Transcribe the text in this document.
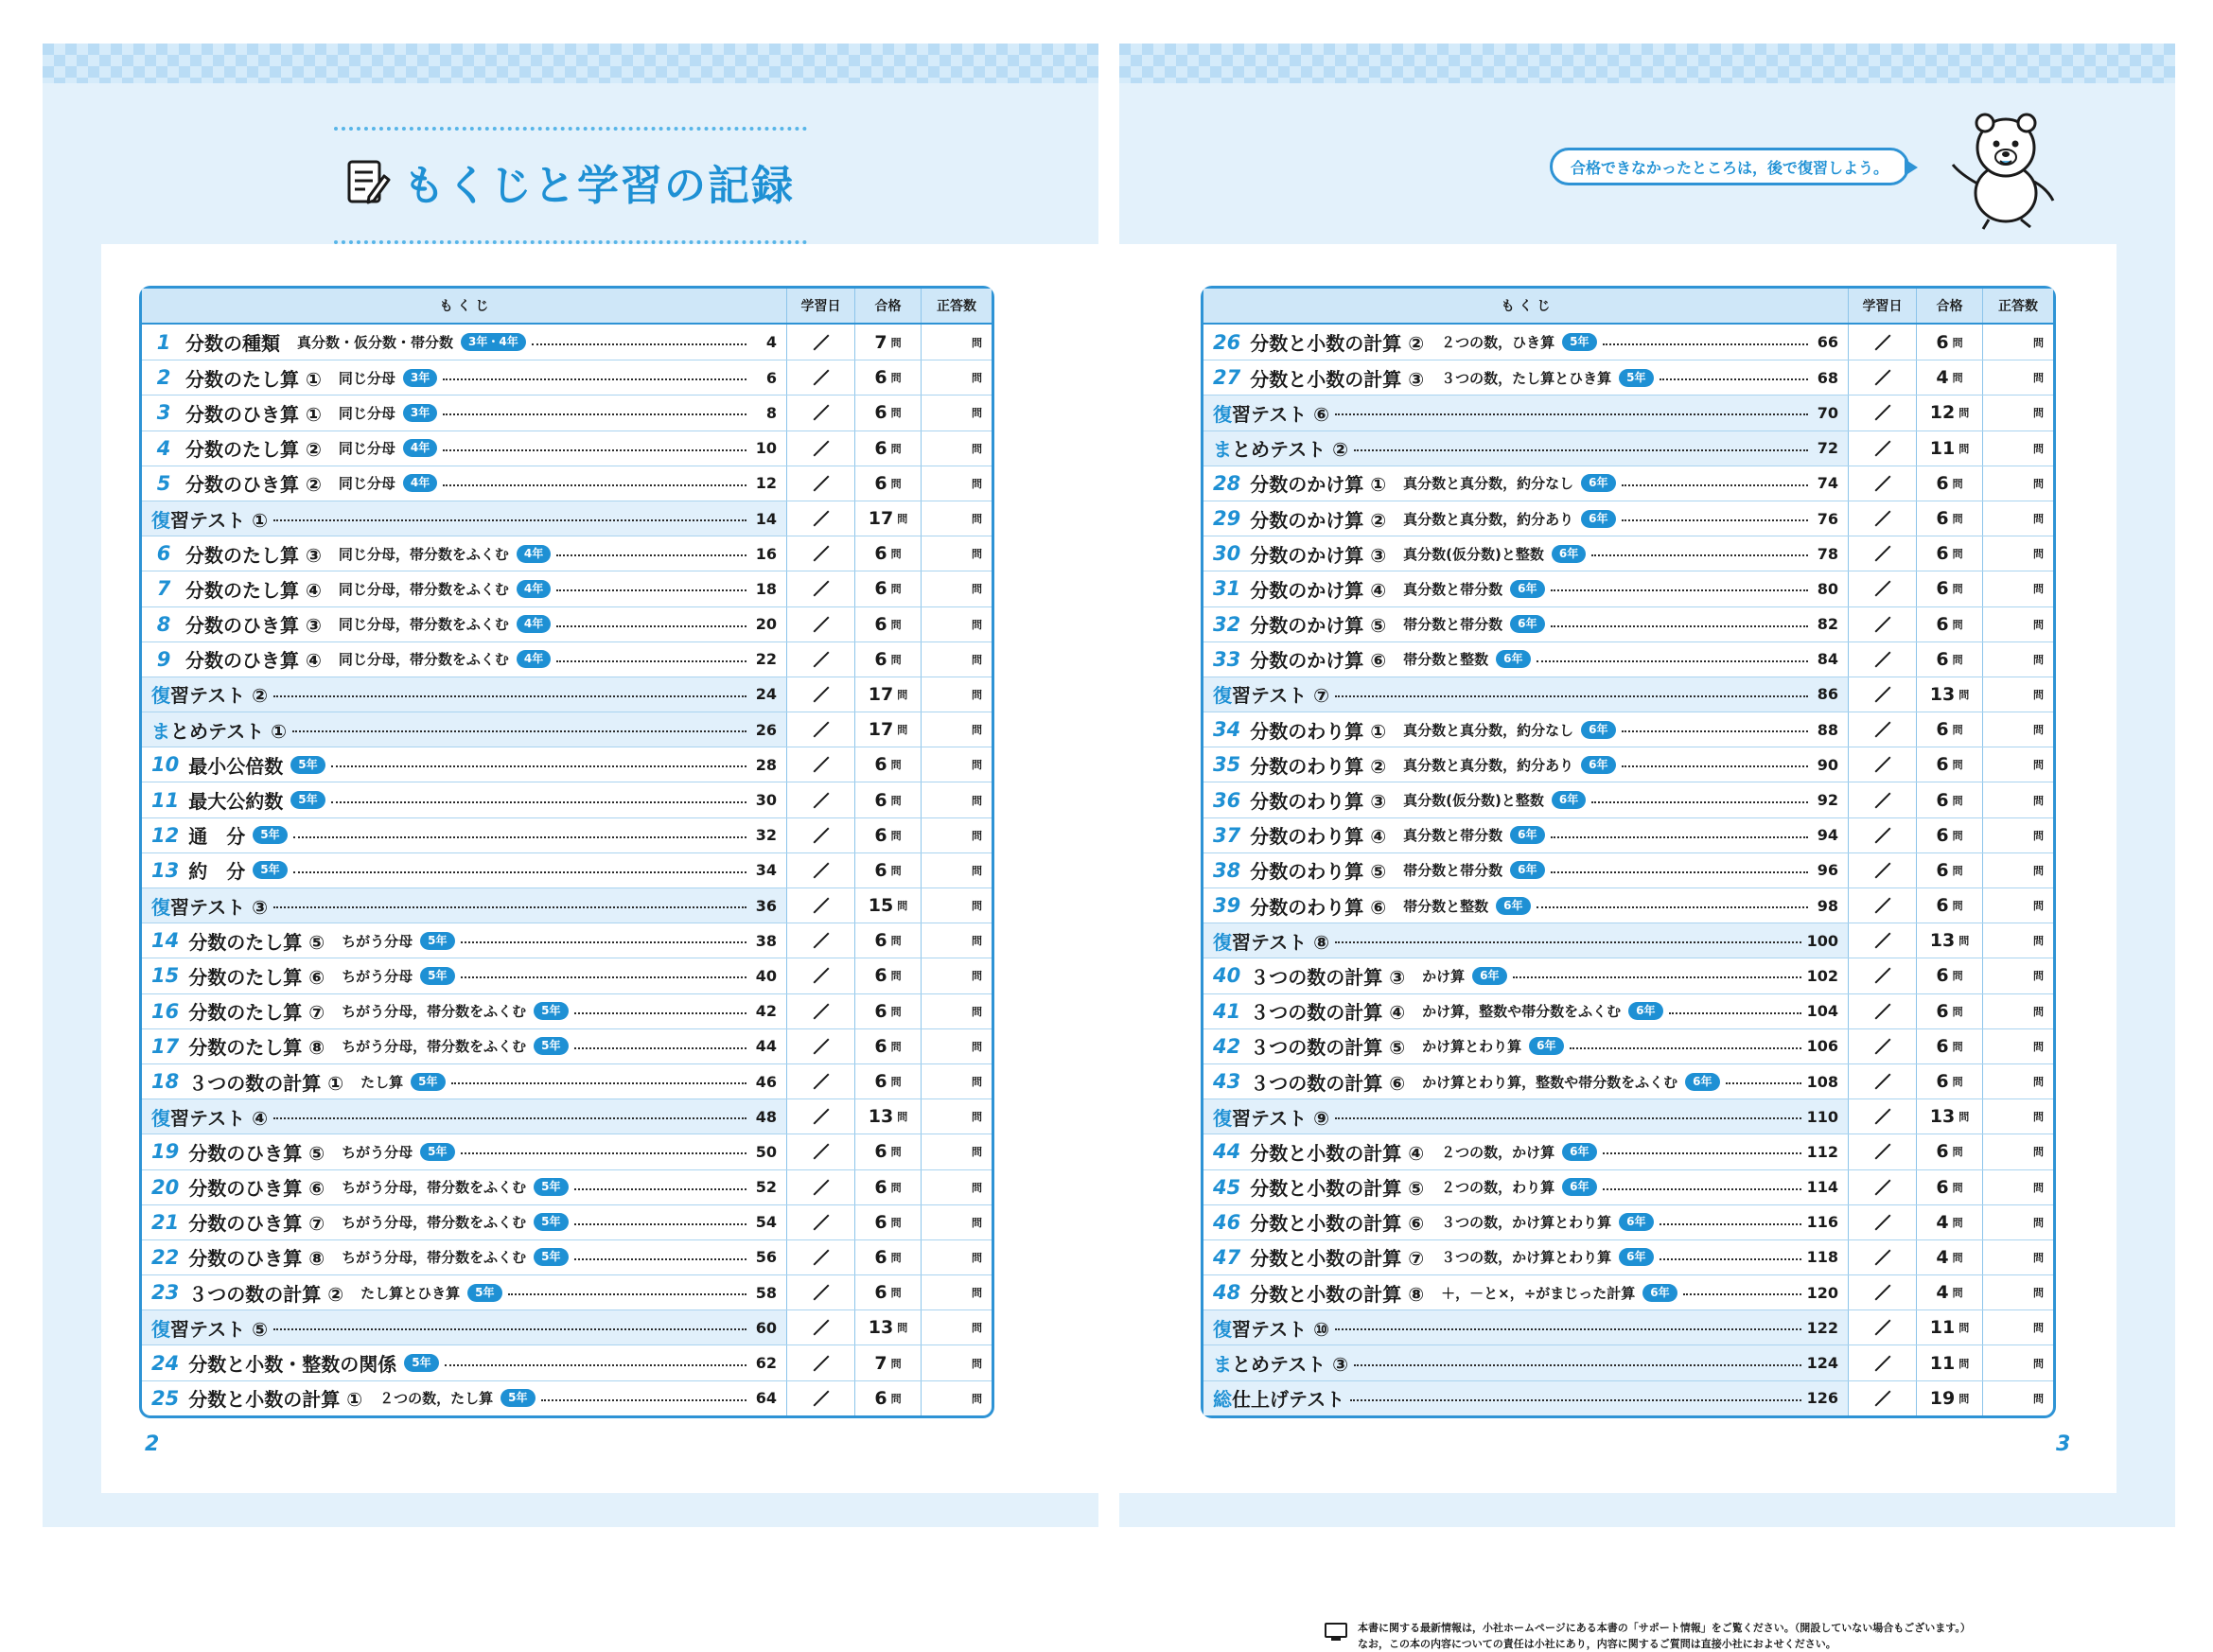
もくじと学習の記録
も く じ	学習日	合格	正答数
1 分数の種類 真分数・仮分数・帯分数	3年・4年	4	7 問	問
2 分数のたし算 ① 同じ分母	3年	6	6 問	問
3 分数のひき算 ① 同じ分母	3年	8	6 問	問
4 分数のたし算 ② 同じ分母	4年	10	6 問	問
5 分数のひき算 ② 同じ分母	4年	12	6 問	問
復習テスト ①	14	17 問	問
6 分数のたし算 ③ 同じ分母，帯分数をふくむ	4年	16	6 問	問
7 分数のたし算 ④ 同じ分母，帯分数をふくむ	4年	18	6 問	問
8 分数のひき算 ③ 同じ分母，帯分数をふくむ	4年	20	6 問	問
9 分数のひき算 ④ 同じ分母，帯分数をふくむ	4年	22	6 問	問
復習テスト ②	24	17 問	問
まとめテスト ①	26	17 問	問
10 最小公倍数	5年	28	6 問	問
11 最大公約数	5年	30	6 問	問
12 通　分	5年	32	6 問	問
13 約　分	5年	34	6 問	問
復習テスト ③	36	15 問	問
14 分数のたし算 ⑤ ちがう分母	5年	38	6 問	問
15 分数のたし算 ⑥ ちがう分母	5年	40	6 問	問
16 分数のたし算 ⑦ ちがう分母，帯分数をふくむ	5年	42	6 問	問
17 分数のたし算 ⑧ ちがう分母，帯分数をふくむ	5年	44	6 問	問
18 ３つの数の計算 ① たし算	5年	46	6 問	問
復習テスト ④	48	13 問	問
19 分数のひき算 ⑤ ちがう分母	5年	50	6 問	問
20 分数のひき算 ⑥ ちがう分母，帯分数をふくむ	5年	52	6 問	問
21 分数のひき算 ⑦ ちがう分母，帯分数をふくむ	5年	54	6 問	問
22 分数のひき算 ⑧ ちがう分母，帯分数をふくむ	5年	56	6 問	問
23 ３つの数の計算 ② たし算とひき算	5年	58	6 問	問
復習テスト ⑤	60	13 問	問
24 分数と小数・整数の関係	5年	62	7 問	問
25 分数と小数の計算 ① ２つの数，たし算	5年	64	6 問	問
2
合格できなかったところは，後で復習しよう。
も く じ	学習日	合格	正答数
26 分数と小数の計算 ② ２つの数，ひき算	5年	66	6 問	問
27 分数と小数の計算 ③ ３つの数，たし算とひき算	5年	68	4 問	問
復習テスト ⑥	70	12 問	問
まとめテスト ②	72	11 問	問
28 分数のかけ算 ① 真分数と真分数，約分なし	6年	74	6 問	問
29 分数のかけ算 ② 真分数と真分数，約分あり	6年	76	6 問	問
30 分数のかけ算 ③ 真分数(仮分数)と整数	6年	78	6 問	問
31 分数のかけ算 ④ 真分数と帯分数	6年	80	6 問	問
32 分数のかけ算 ⑤ 帯分数と帯分数	6年	82	6 問	問
33 分数のかけ算 ⑥ 帯分数と整数	6年	84	6 問	問
復習テスト ⑦	86	13 問	問
34 分数のわり算 ① 真分数と真分数，約分なし	6年	88	6 問	問
35 分数のわり算 ② 真分数と真分数，約分あり	6年	90	6 問	問
36 分数のわり算 ③ 真分数(仮分数)と整数	6年	92	6 問	問
37 分数のわり算 ④ 真分数と帯分数	6年	94	6 問	問
38 分数のわり算 ⑤ 帯分数と帯分数	6年	96	6 問	問
39 分数のわり算 ⑥ 帯分数と整数	6年	98	6 問	問
復習テスト ⑧	100	13 問	問
40 ３つの数の計算 ③ かけ算	6年	102	6 問	問
41 ３つの数の計算 ④ かけ算，整数や帯分数をふくむ	6年	104	6 問	問
42 ３つの数の計算 ⑤ かけ算とわり算	6年	106	6 問	問
43 ３つの数の計算 ⑥ かけ算とわり算，整数や帯分数をふくむ	6年	108	6 問	問
復習テスト ⑨	110	13 問	問
44 分数と小数の計算 ④ ２つの数，かけ算	6年	112	6 問	問
45 分数と小数の計算 ⑤ ２つの数，わり算	6年	114	6 問	問
46 分数と小数の計算 ⑥ ３つの数，かけ算とわり算	6年	116	4 問	問
47 分数と小数の計算 ⑦ ３つの数，かけ算とわり算	6年	118	4 問	問
48 分数と小数の計算 ⑧ ＋，－と×，÷がまじった計算	6年	120	4 問	問
復習テスト ⑩	122	11 問	問
まとめテスト ③	124	11 問	問
総仕上げテスト	126	19 問	問
本書に関する最新情報は，小社ホームページにある本書の「サポート情報」をご覧ください。（開設していない場合もございます。）
なお，この本の内容についての責任は小社にあり，内容に関するご質問は直接小社におよせください。
3
